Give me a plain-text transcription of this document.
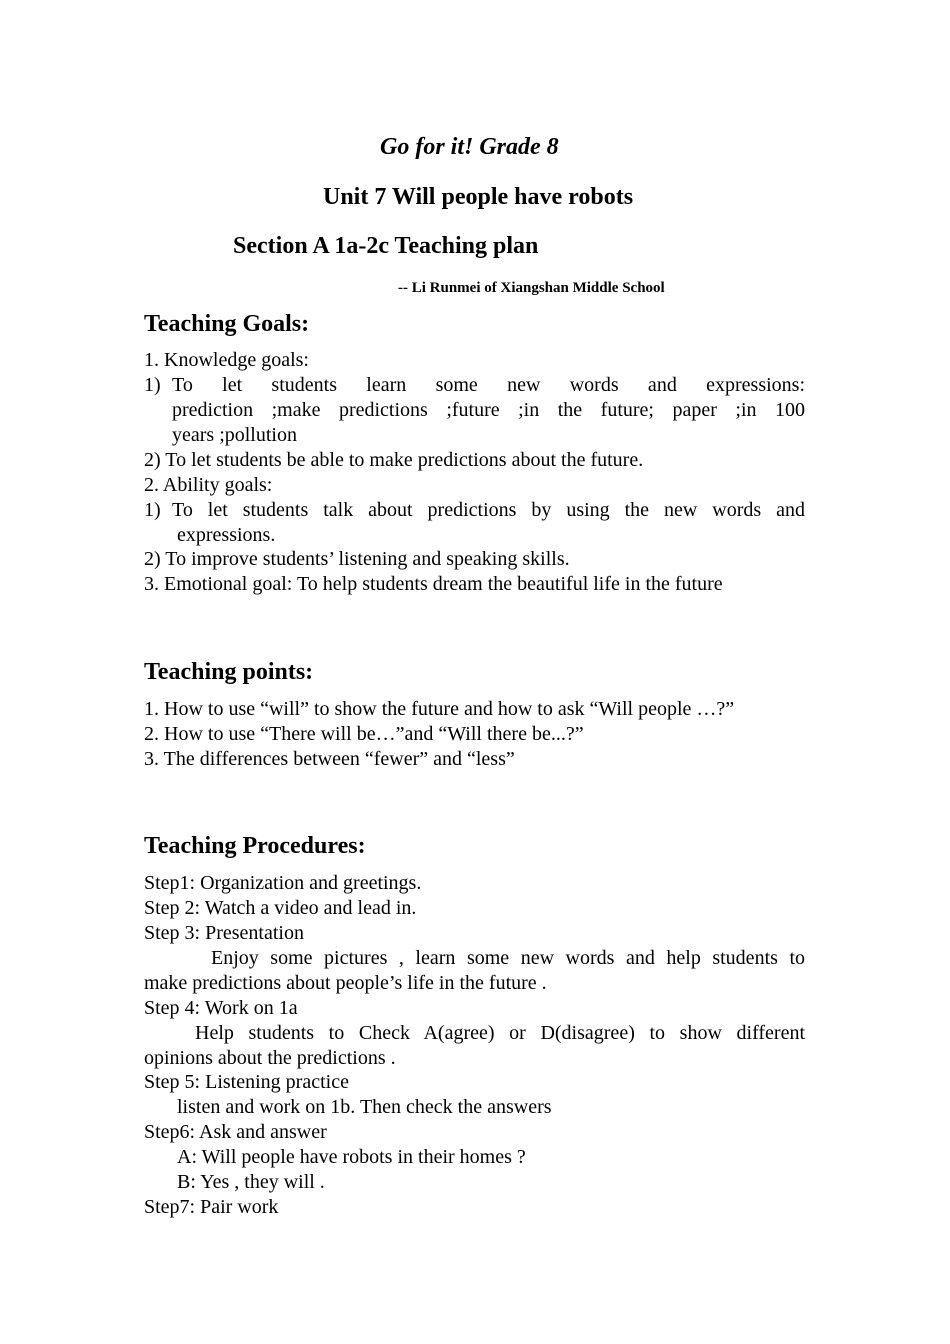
Go for it! Grade 8
Unit 7 Will people have robots
Section A 1a-2c Teaching plan
-- Li Runmei of Xiangshan Middle School
Teaching Goals:
1. Knowledge goals:
1) To let students learn some new words and expressions:
prediction ;make predictions ;future ;in the future; paper ;in 100
years ;pollution
2) To let students be able to make predictions about the future.
2. Ability goals:
1) To let students talk about predictions by using the new words and
expressions.
2) To improve students’ listening and speaking skills.
3. Emotional goal: To help students dream the beautiful life in the future
Teaching points:
1. How to use “will” to show the future and how to ask “Will people …?”
2. How to use “There will be…”and “Will there be...?”
3. The differences between “fewer” and “less”
Teaching Procedures:
Step1: Organization and greetings.
Step 2: Watch a video and lead in.
Step 3: Presentation
Enjoy some pictures , learn some new words and help students to
make predictions about people’s life in the future .
Step 4: Work on 1a
Help students to Check A(agree) or D(disagree) to show different
opinions about the predictions .
Step 5: Listening practice
listen and work on 1b. Then check the answers
Step6: Ask and answer
A: Will people have robots in their homes ?
B: Yes , they will .
Step7: Pair work
